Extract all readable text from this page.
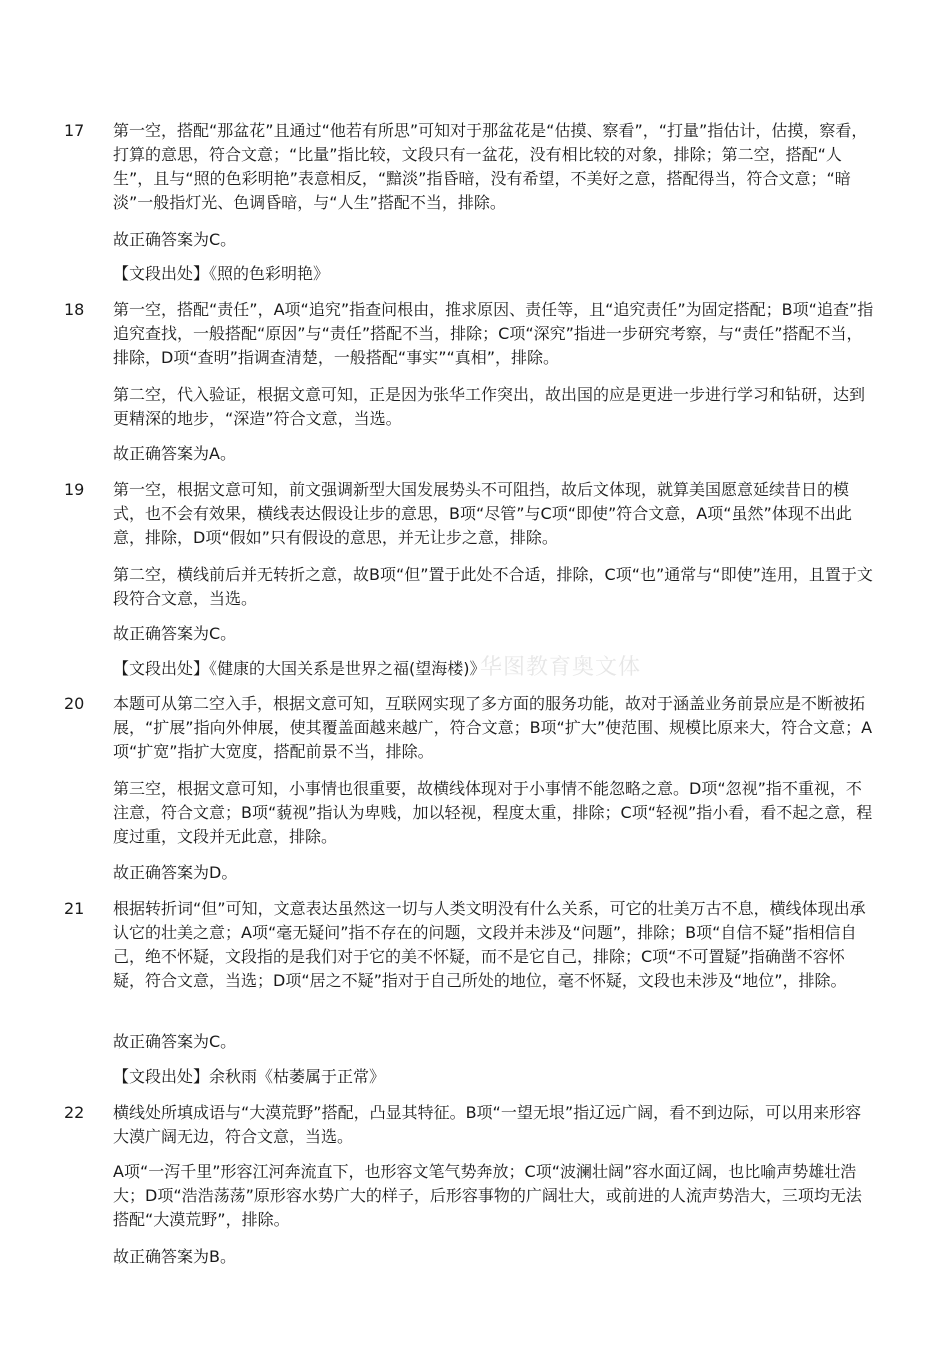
华图教育奥文体
17	第一空，搭配“那盆花”且通过“他若有所思”可知对于那盆花是“估摸、察看”，“打量”指估计，估摸，察看，打算的意思，符合文意；“比量”指比较，文段只有一盆花，没有相比较的对象，排除；第二空，搭配“人生”，且与“照的色彩明艳”表意相反，“黯淡”指昏暗，没有希望，不美好之意，搭配得当，符合文意；“暗淡”一般指灯光、色调昏暗，与“人生”搭配不当，排除。

故正确答案为C。

【文段出处】《照的色彩明艳》

18	第一空，搭配“责任”，A项“追究”指查问根由，推求原因、责任等，且“追究责任”为固定搭配；B项“追查”指追究查找，一般搭配“原因”与“责任”搭配不当，排除；C项“深究”指进一步研究考察，与“责任”搭配不当，排除，D项“查明”指调查清楚，一般搭配“事实”“真相”，排除。

第二空，代入验证，根据文意可知，正是因为张华工作突出，故出国的应是更进一步进行学习和钻研，达到更精深的地步，“深造”符合文意，当选。

故正确答案为A。

19	第一空，根据文意可知，前文强调新型大国发展势头不可阻挡，故后文体现，就算美国愿意延续昔日的模式，也不会有效果，横线表达假设让步的意思，B项“尽管”与C项“即使”符合文意，A项“虽然”体现不出此意，排除，D项“假如”只有假设的意思，并无让步之意，排除。

第二空，横线前后并无转折之意，故B项“但”置于此处不合适，排除，C项“也”通常与“即使”连用，且置于文段符合文意，当选。

故正确答案为C。

【文段出处】《健康的大国关系是世界之福(望海楼)》

20	本题可从第二空入手，根据文意可知，互联网实现了多方面的服务功能，故对于涵盖业务前景应是不断被拓展，“扩展”指向外伸展，使其覆盖面越来越广，符合文意；B项“扩大”使范围、规模比原来大，符合文意；A项“扩宽”指扩大宽度，搭配前景不当，排除。

第三空，根据文意可知，小事情也很重要，故横线体现对于小事情不能忽略之意。D项“忽视”指不重视，不注意，符合文意；B项“藐视”指认为卑贱，加以轻视，程度太重，排除；C项“轻视”指小看，看不起之意，程度过重，文段并无此意，排除。

故正确答案为D。

21	根据转折词“但”可知，文意表达虽然这一切与人类文明没有什么关系，可它的壮美万古不息，横线体现出承认它的壮美之意；A项“毫无疑问”指不存在的问题，文段并未涉及“问题”，排除；B项“自信不疑”指相信自己，绝不怀疑，文段指的是我们对于它的美不怀疑，而不是它自己，排除；C项“不可置疑”指确凿不容怀疑，符合文意，当选；D项“居之不疑”指对于自己所处的地位，毫不怀疑，文段也未涉及“地位”，排除。

故正确答案为C。

【文段出处】余秋雨《枯萎属于正常》

22	横线处所填成语与“大漠荒野”搭配，凸显其特征。B项“一望无垠”指辽远广阔，看不到边际，可以用来形容大漠广阔无边，符合文意，当选。

A项“一泻千里”形容江河奔流直下，也形容文笔气势奔放；C项“波澜壮阔”容水面辽阔，也比喻声势雄壮浩大；D项“浩浩荡荡”原形容水势广大的样子，后形容事物的广阔壮大，或前进的人流声势浩大，三项均无法搭配“大漠荒野”，排除。

故正确答案为B。
